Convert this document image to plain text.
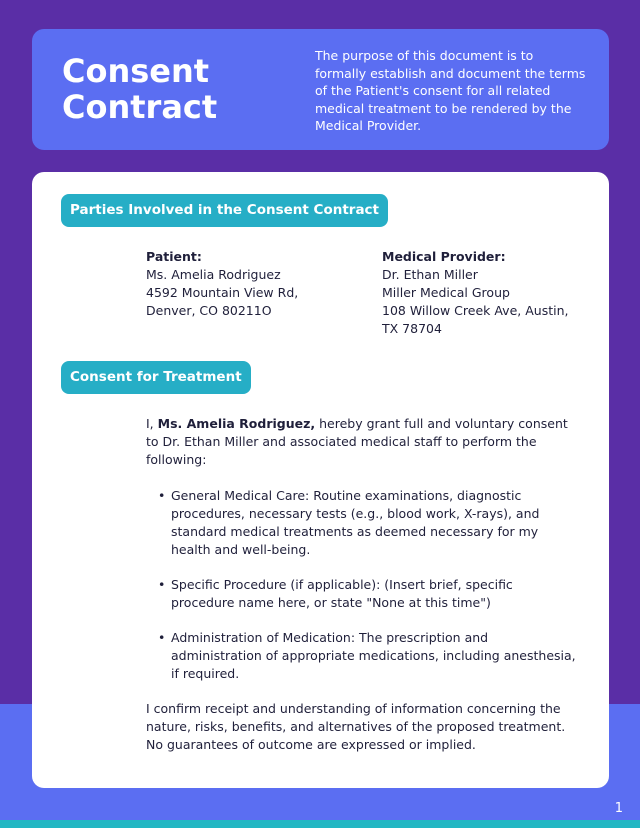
Consent Contract

The purpose of this document is to formally establish and document the terms of the Patient's consent for all related medical treatment to be rendered by the Medical Provider.

Parties Involved in the Consent Contract
Patient:
Ms. Amelia Rodriguez
4592 Mountain View Rd,
Denver, CO 80211O
Medical Provider:
Dr. Ethan Miller
Miller Medical Group
108 Willow Creek Ave, Austin,
TX 78704
Consent for Treatment

I, Ms. Amelia Rodriguez, hereby grant full and voluntary consent to Dr. Ethan Miller and associated medical staff to perform the following:

• General Medical Care: Routine examinations, diagnostic procedures, necessary tests (e.g., blood work, X-rays), and standard medical treatments as deemed necessary for my health and well-being.
• Specific Procedure (if applicable): (Insert brief, specific procedure name here, or state "None at this time")
• Administration of Medication: The prescription and administration of appropriate medications, including anesthesia, if required.

I confirm receipt and understanding of information concerning the nature, risks, benefits, and alternatives of the proposed treatment. No guarantees of outcome are expressed or implied.

1
